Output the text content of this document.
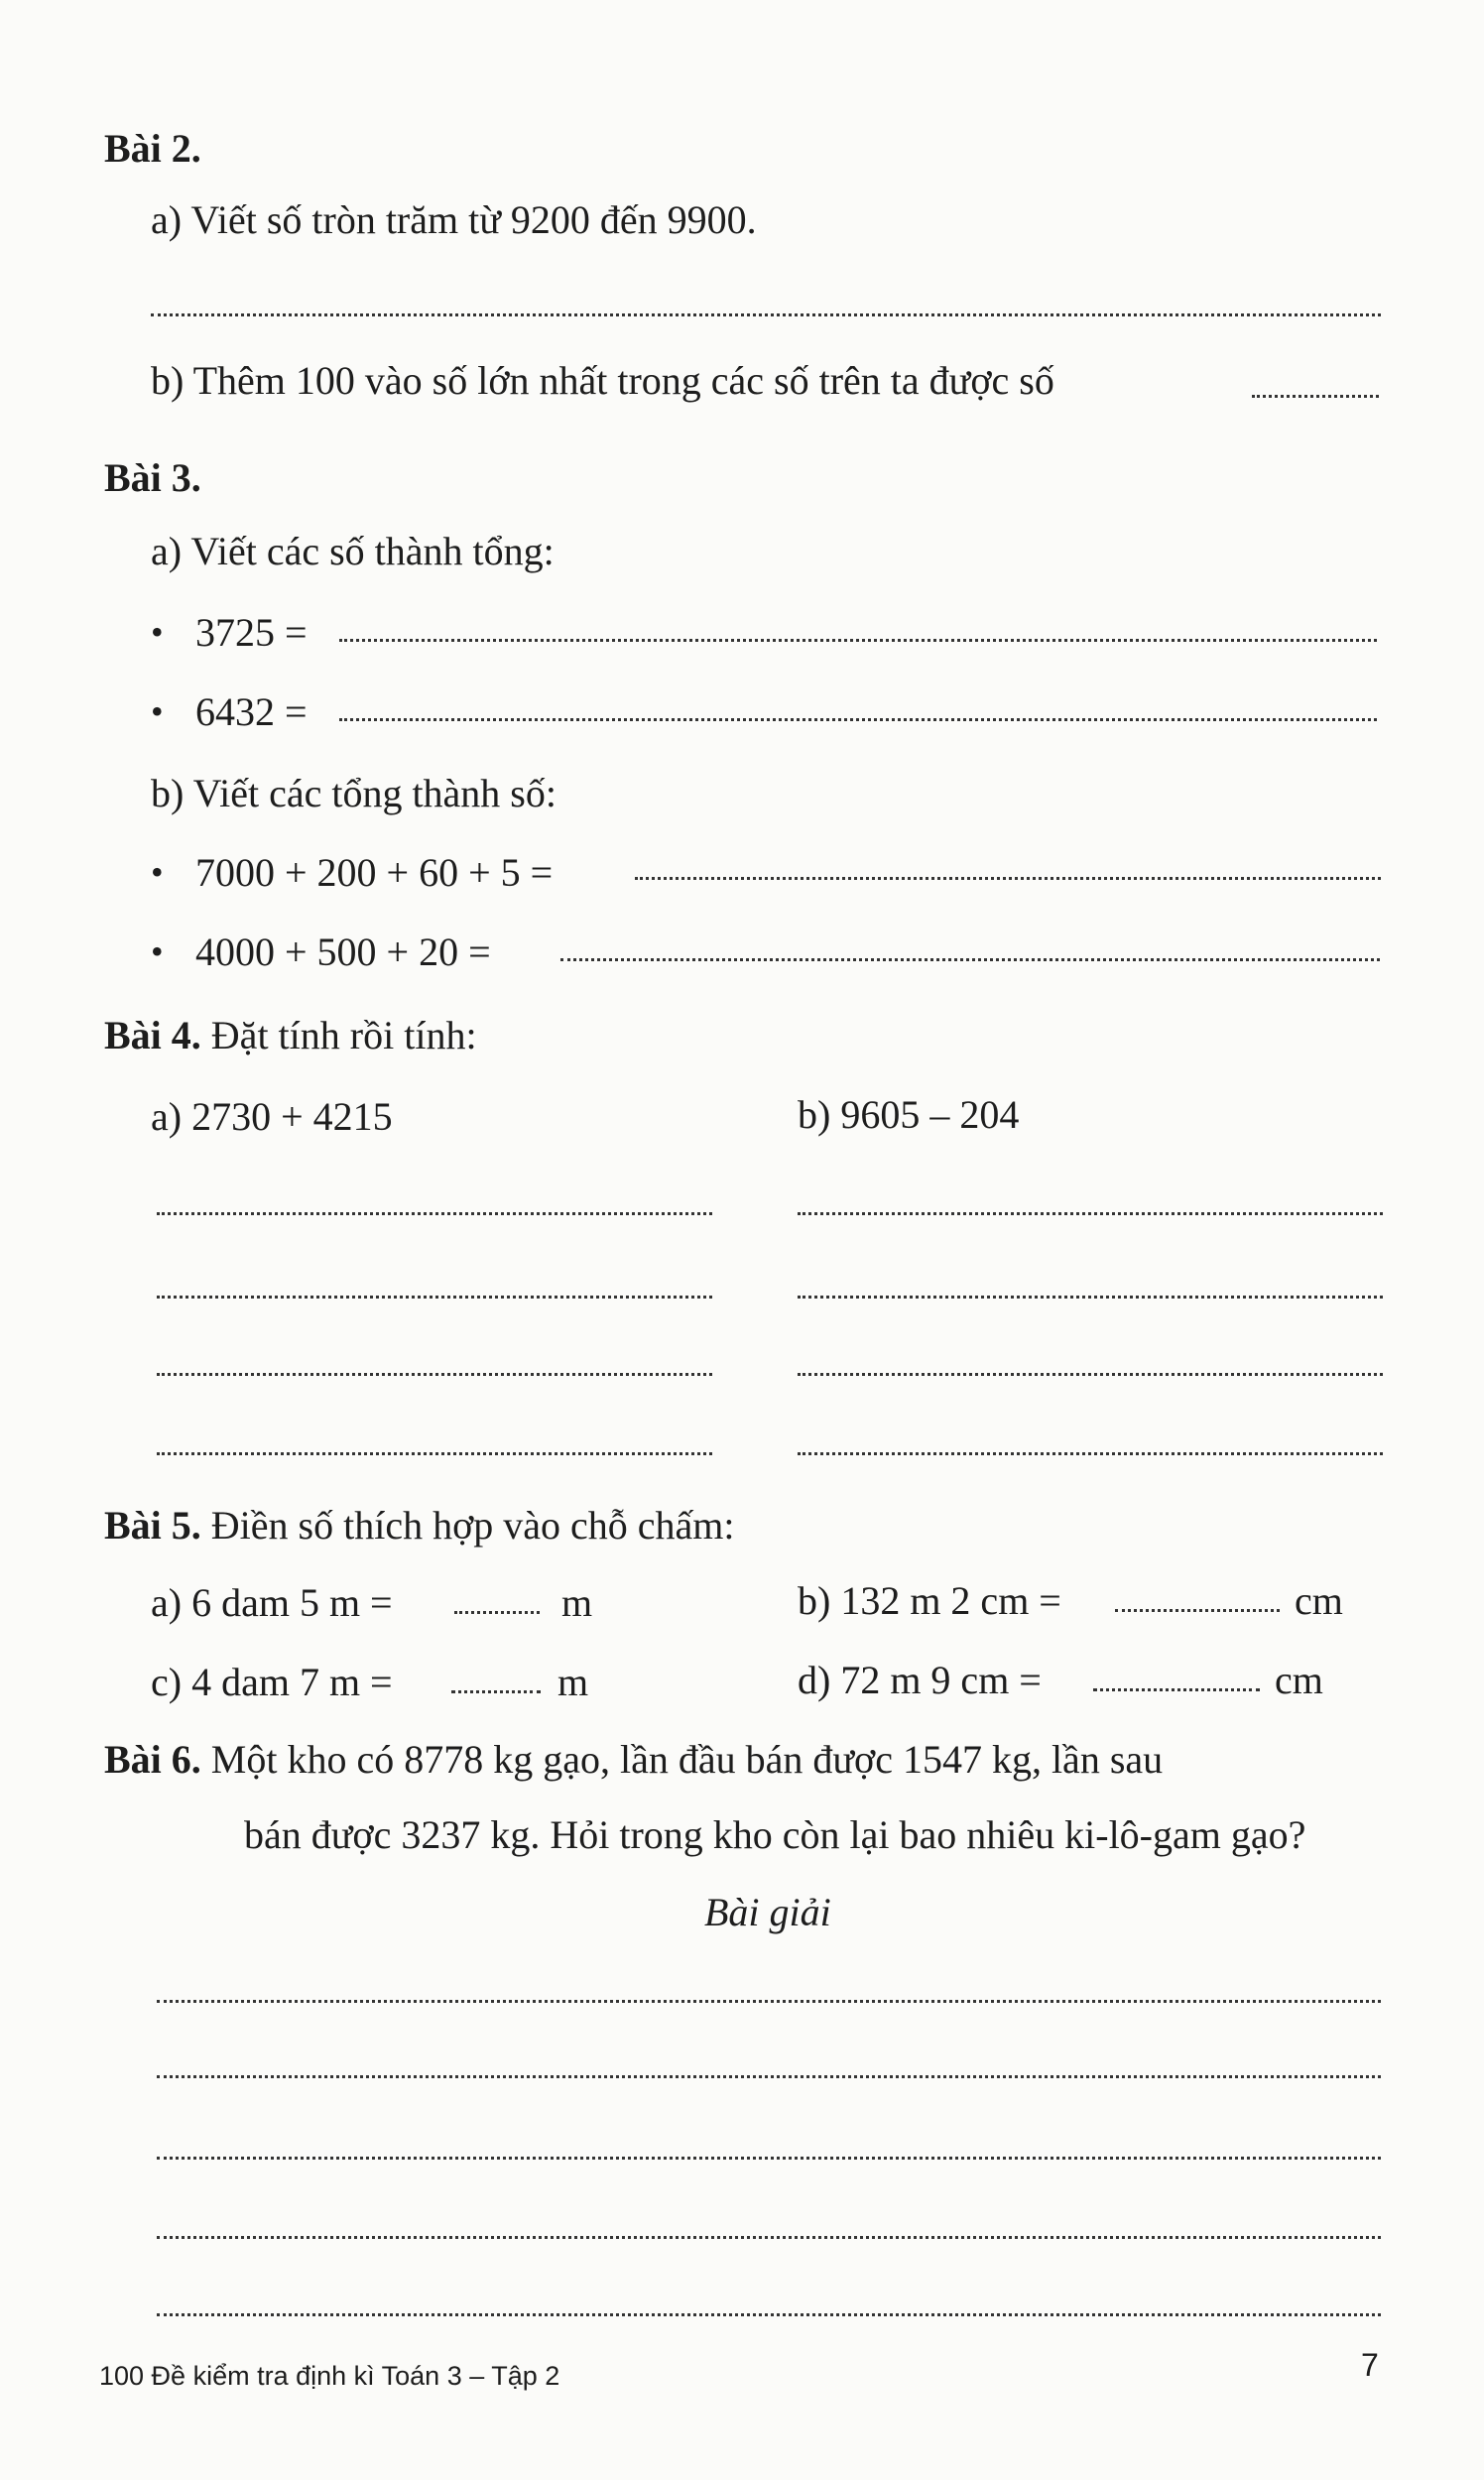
Bài 2.
a) Viết số tròn trăm từ 9200 đến 9900.
b) Thêm 100 vào số lớn nhất trong các số trên ta được số
Bài 3.
a) Viết các số thành tổng:
• 3725 =
• 6432 =
b) Viết các tổng thành số:
• 7000 + 200 + 60 + 5 =
• 4000 + 500 + 20 =
Bài 4. Đặt tính rồi tính:
a) 2730 + 4215	b) 9605 – 204
Bài 5. Điền số thích hợp vào chỗ chấm:
a) 6 dam 5 m =	m	b) 132 m 2 cm =	cm
c) 4 dam 7 m =	m	d) 72 m 9 cm =	cm
Bài 6. Một kho có 8778 kg gạo, lần đầu bán được 1547 kg, lần sau
bán được 3237 kg. Hỏi trong kho còn lại bao nhiêu ki-lô-gam gạo?
Bài giải
100 Đề kiểm tra định kì Toán 3 – Tập 2	7
